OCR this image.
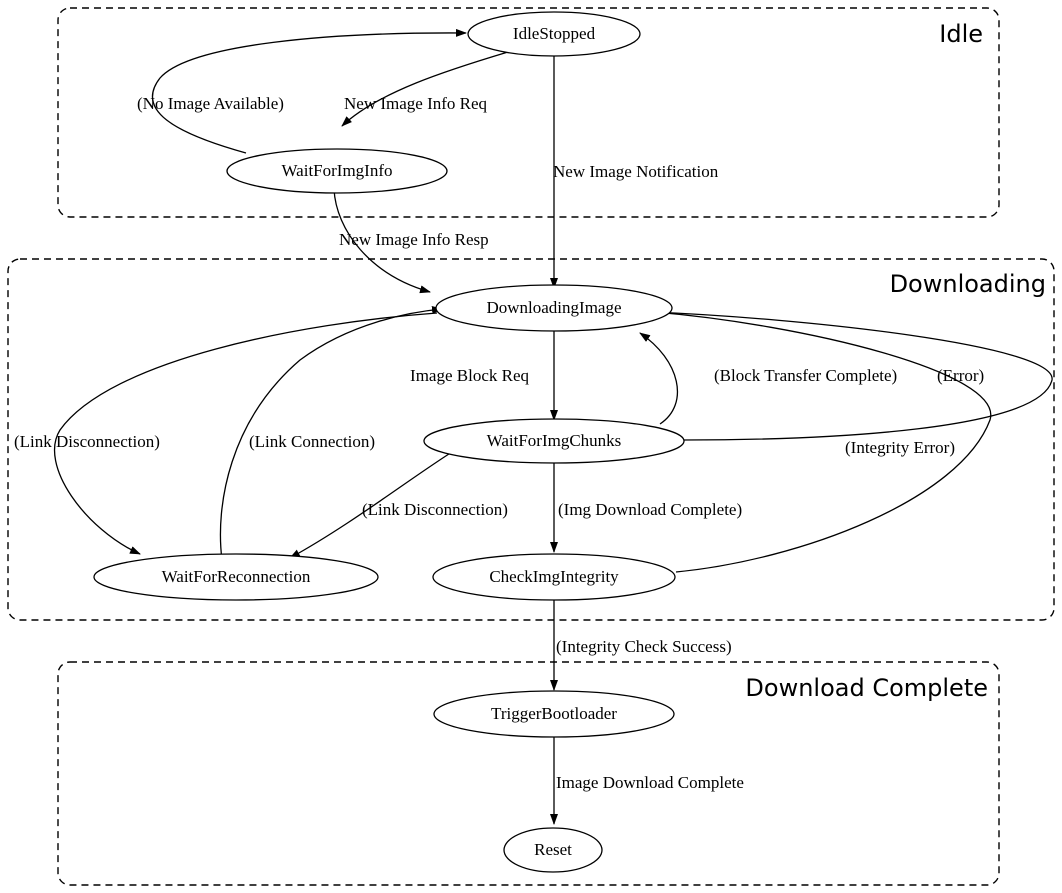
Idle
Downloading
Download Complete
New Image Info Req
(No Image Available)
New Image Notification
New Image Info Resp
Image Block Req	(Block Transfer Complete) (Error)
(Link Disconnection)	(Link Connection)
(Link Disconnection)	(Img Download Complete)
(Integrity Error)
(Integrity Check Success)
Image Download Complete
IdleStopped
WaitForImgInfo
DownloadingImage
WaitForImgChunks
WaitForReconnection	CheckImgIntegrity
TriggerBootloader
Reset
